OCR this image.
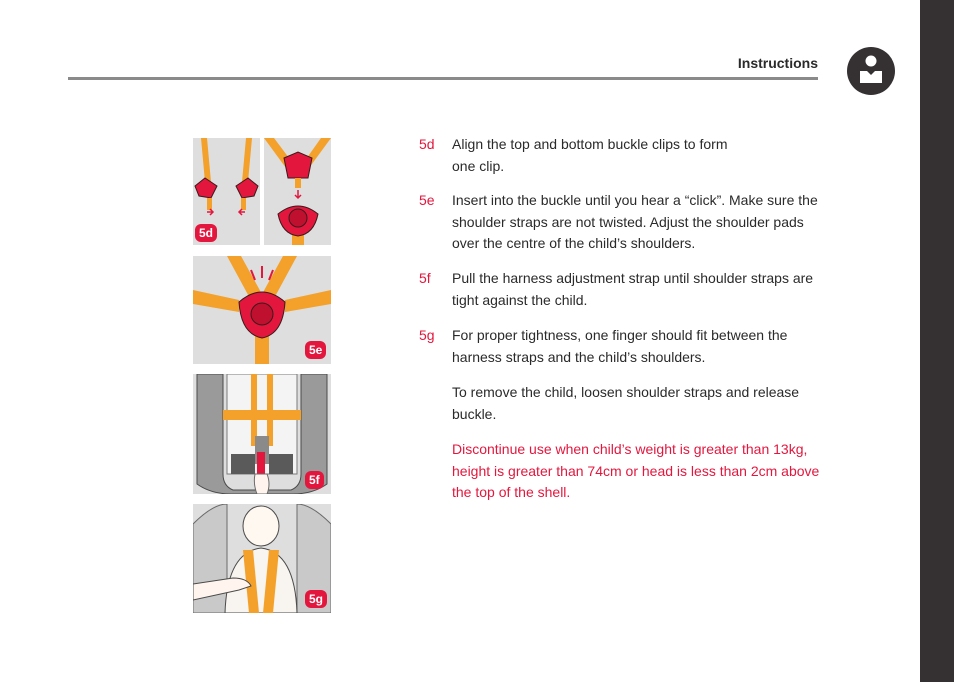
Instructions
5d
5e
5f
5g
5d Align the top and bottom buckle clips to form one clip.
5e Insert into the buckle until you hear a “click”. Make sure the shoulder straps are not twisted. Adjust the shoulder pads over the centre of the child’s shoulders.
5f Pull the harness adjustment strap until shoulder straps are tight against the child.
5g For proper tightness, one finger should fit between the harness straps and the child’s shoulders.
To remove the child, loosen shoulder straps and release buckle.
Discontinue use when child’s weight is greater than 13kg, height is greater than 74cm or head is less than 2cm above the top of the shell.
